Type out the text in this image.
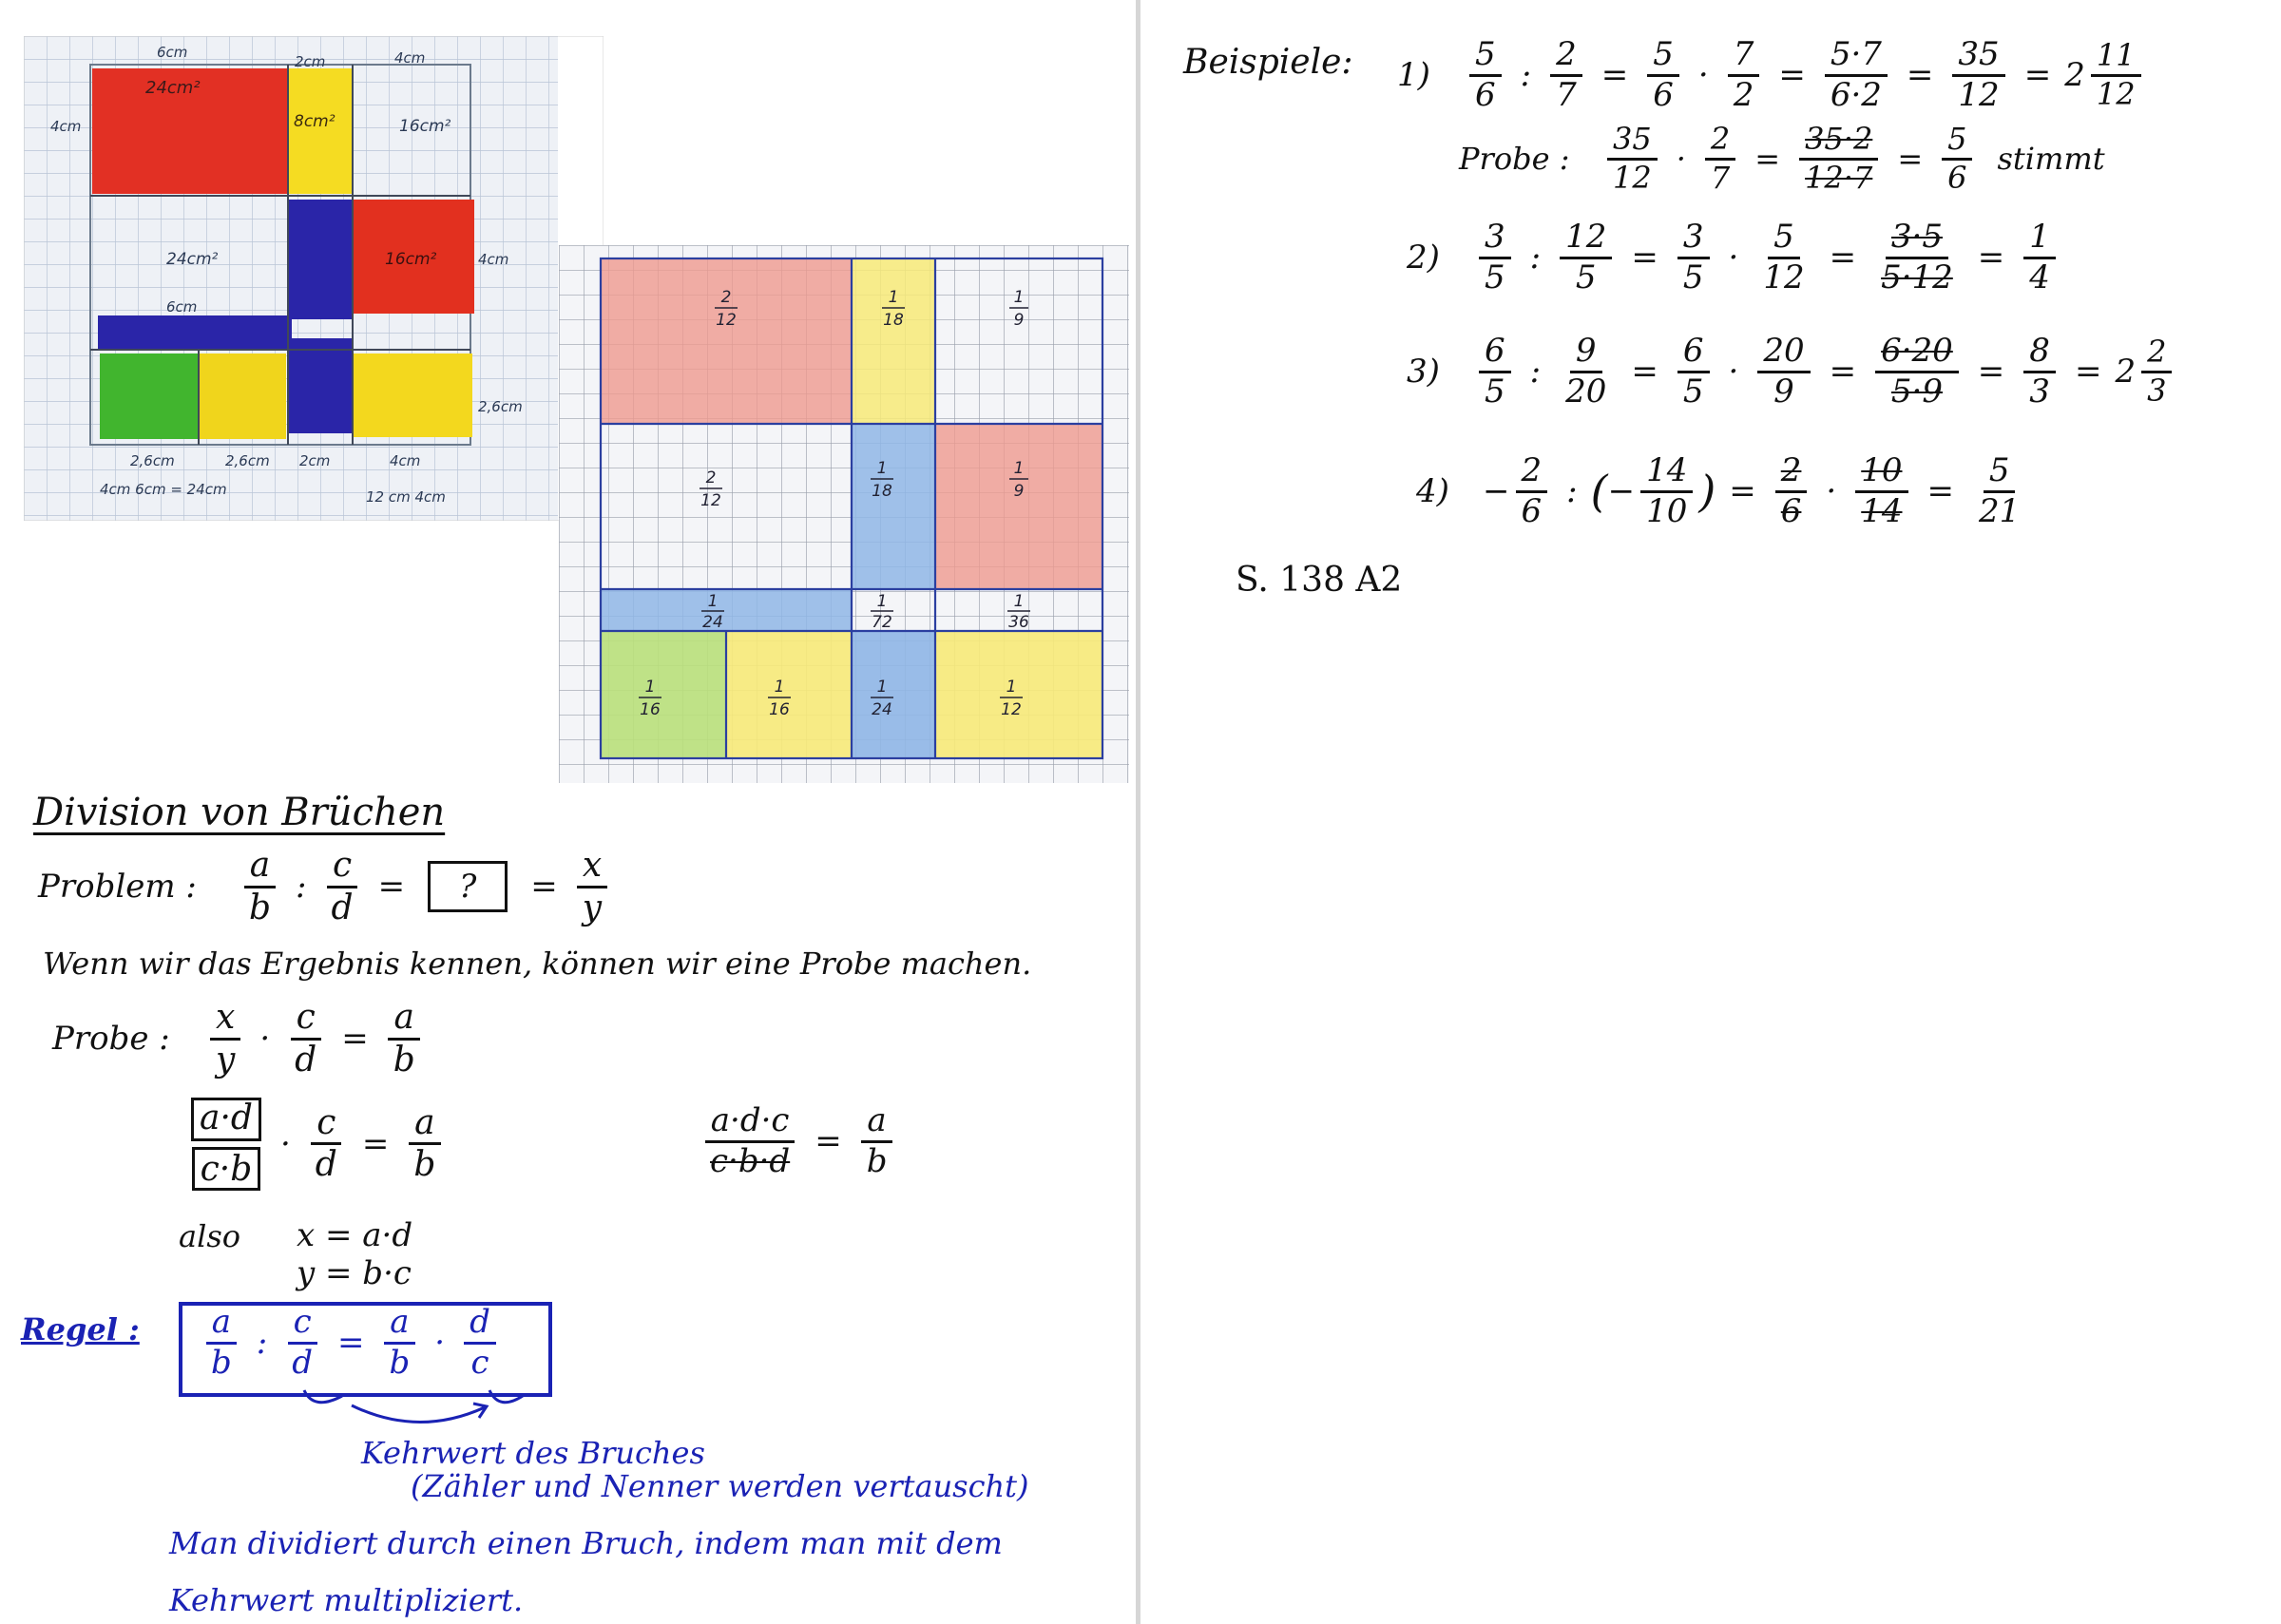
6cm
2cm	4cm
4cm
24cm²
8cm²	16cm²
24cm²	16cm²	4cm
6cm
2,6cm
2,6cm	2cm
2,6cm	4cm
4cm 6cm = 24cm	12 cm 4cm
2
12
1
18
1
9
2
12
1
18
1
9
1
24
1
72
1
36
1
16
1
16
1
24
1
12
Division von Brüchen
Problem :	$\frac{a}{b}$ : $\frac{c}{d}$ =	?	= $\frac{x}{y}$
Wenn wir das Ergebnis kennen, können wir eine Probe machen.
Probe :	$\frac{x}{y} \cdot \frac{c}{d} = \frac{a}{b}$
$\frac{a\cdot d}{c\cdot b} \cdot \frac{c}{d} = \frac{a}{b}$	$\frac{a\cdot d\cdot c}{c\cdot b\cdot d} = \frac{a}{b}$
also x = a·d
y = b·c
Regel : $\frac{a}{b}$ : $\frac{c}{d} = \frac{a}{b} \cdot \frac{d}{c}$
Kehrwert des Bruches
(Zähler und Nenner werden vertauscht)
Man dividiert durch einen Bruch, indem man mit dem
Kehrwert multipliziert.
Beispiele: 1)	$\frac{5}{6}$ : $\frac{2}{7} = \frac{5}{6} \cdot \frac{7}{2} = \frac{5\cdot 7}{6\cdot 2} = \frac{35}{12} = 2 \frac{11}{12}$
Probe :	$\frac{35}{12} \cdot \frac{2}{7} = \frac{35\cdot 2}{12\cdot 7} = \frac{5}{6}$ stimmt
2)	$\frac{3}{5}$ : $\frac{12}{5} = \frac{3}{5} \cdot \frac{5}{12} = \frac{3\cdot 5}{5\cdot 12} = \frac{1}{4}$
3)	$\frac{6}{5}$ : $\frac{9}{20} = \frac{6}{5} \cdot \frac{20}{9} = \frac{6\cdot 20}{5\cdot 9} = \frac{8}{3} = 2 \frac{2}{3}$
4)	− $\frac{2}{6}$ : ( − $\frac{14}{10}$ ) = $\frac{2}{6} \cdot \frac{10}{14} = \frac{5}{21}$
S. 138 A2
